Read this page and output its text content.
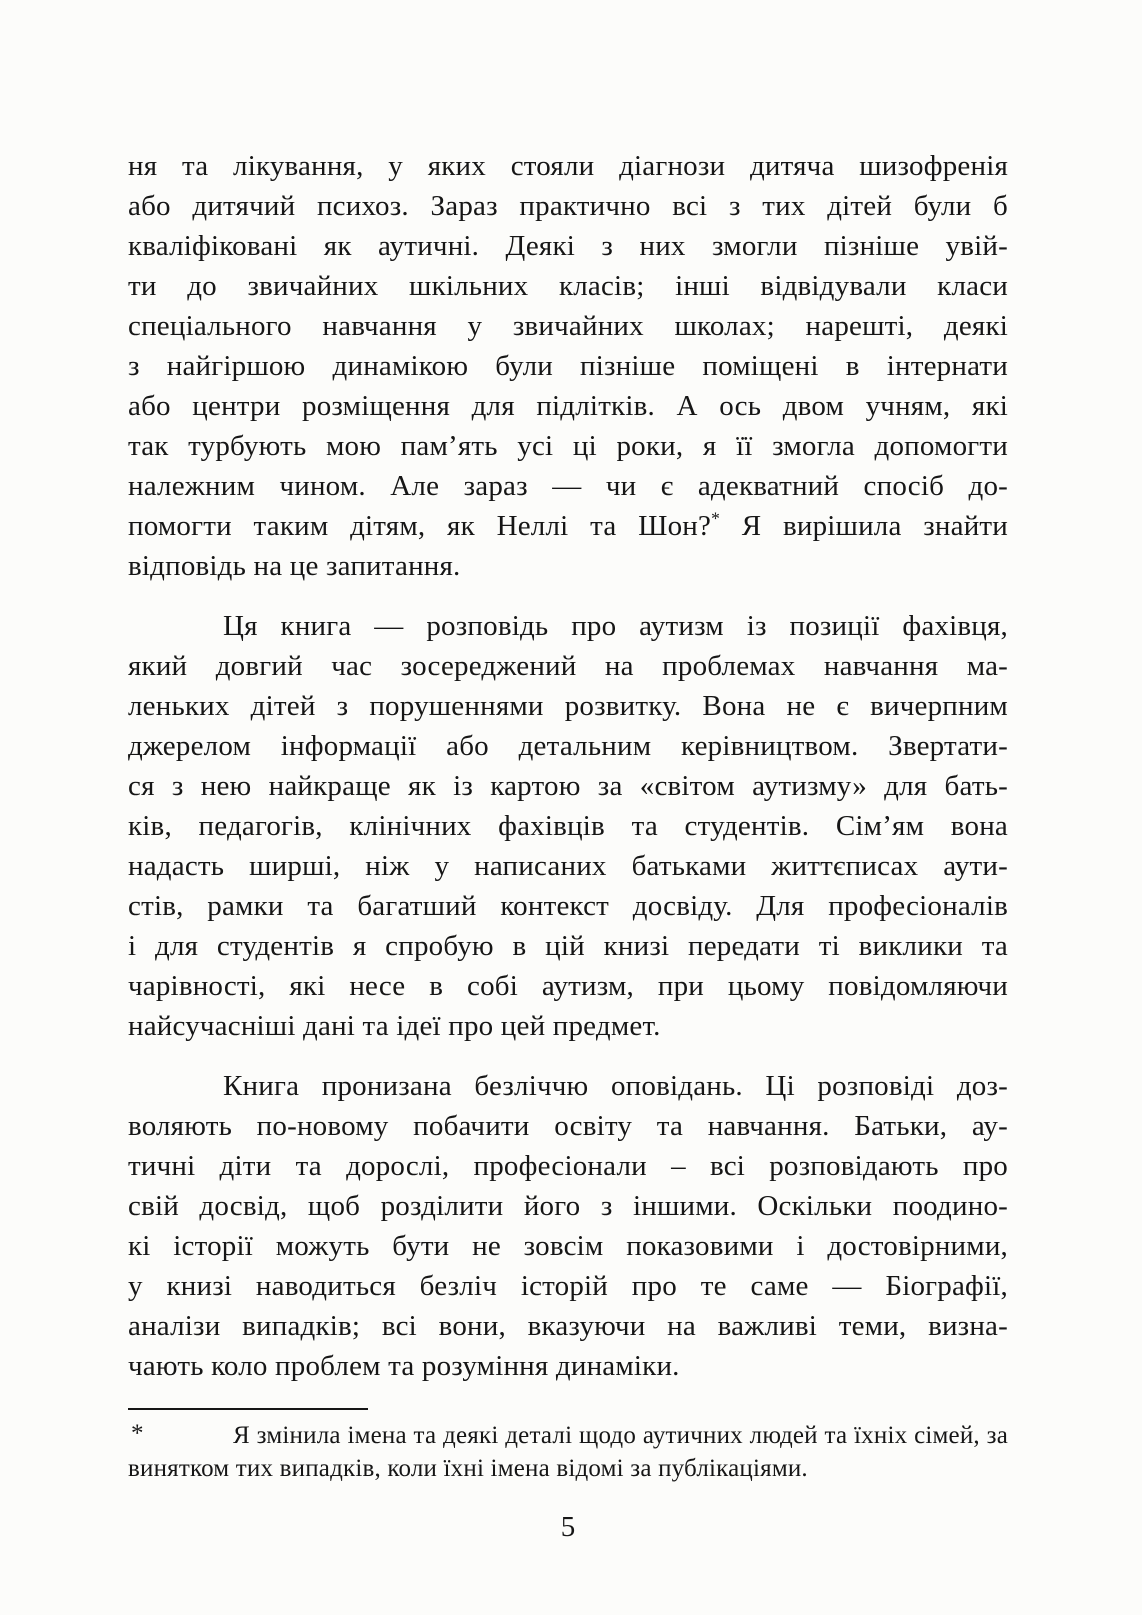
ня та лікування, у яких стояли діагнози дитяча шизофренія
або дитячий психоз. Зараз практично всі з тих дітей були б
кваліфіковані як аутичні. Деякі з них змогли пізніше увій-
ти до звичайних шкільних класів; інші відвідували класи
спеціального навчання у звичайних школах; нарешті, деякі
з найгіршою динамікою були пізніше поміщені в інтернати
або центри розміщення для підлітків. А ось двом учням, які
так турбують мою пам’ять усі ці роки, я її змогла допомогти
належним чином. Але зараз — чи є адекватний спосіб до-
помогти таким дітям, як Неллі та Шон?* Я вирішила знайти
відповідь на це запитання.
Ця книга — розповідь про аутизм із позиції фахівця,
який довгий час зосереджений на проблемах навчання ма-
леньких дітей з порушеннями розвитку. Вона не є вичерпним
джерелом інформації або детальним керівництвом. Звертати-
ся з нею найкраще як із картою за «світом аутизму» для бать-
ків, педагогів, клінічних фахівців та студентів. Сім’ям вона
надасть ширші, ніж у написаних батьками життєписах аути-
стів, рамки та багатший контекст досвіду. Для професіоналів
і для студентів я спробую в цій книзі передати ті виклики та
чарівності, які несе в собі аутизм, при цьому повідомляючи
найсучасніші дані та ідеї про цей предмет.
Книга пронизана безліччю оповідань. Ці розповіді доз-
воляють по-новому побачити освіту та навчання. Батьки, ау-
тичні діти та дорослі, професіонали – всі розповідають про
свій досвід, щоб розділити його з іншими. Оскільки поодино-
кі історії можуть бути не зовсім показовими і достовірними,
у книзі наводиться безліч історій про те саме — Біографії,
аналізи випадків; всі вони, вказуючи на важливі теми, визна-
чають коло проблем та розуміння динаміки.
*	Я змінила імена та деякі деталі щодо аутичних людей та їхніх сімей, за
винятком тих випадків, коли їхні імена відомі за публікаціями.
5
